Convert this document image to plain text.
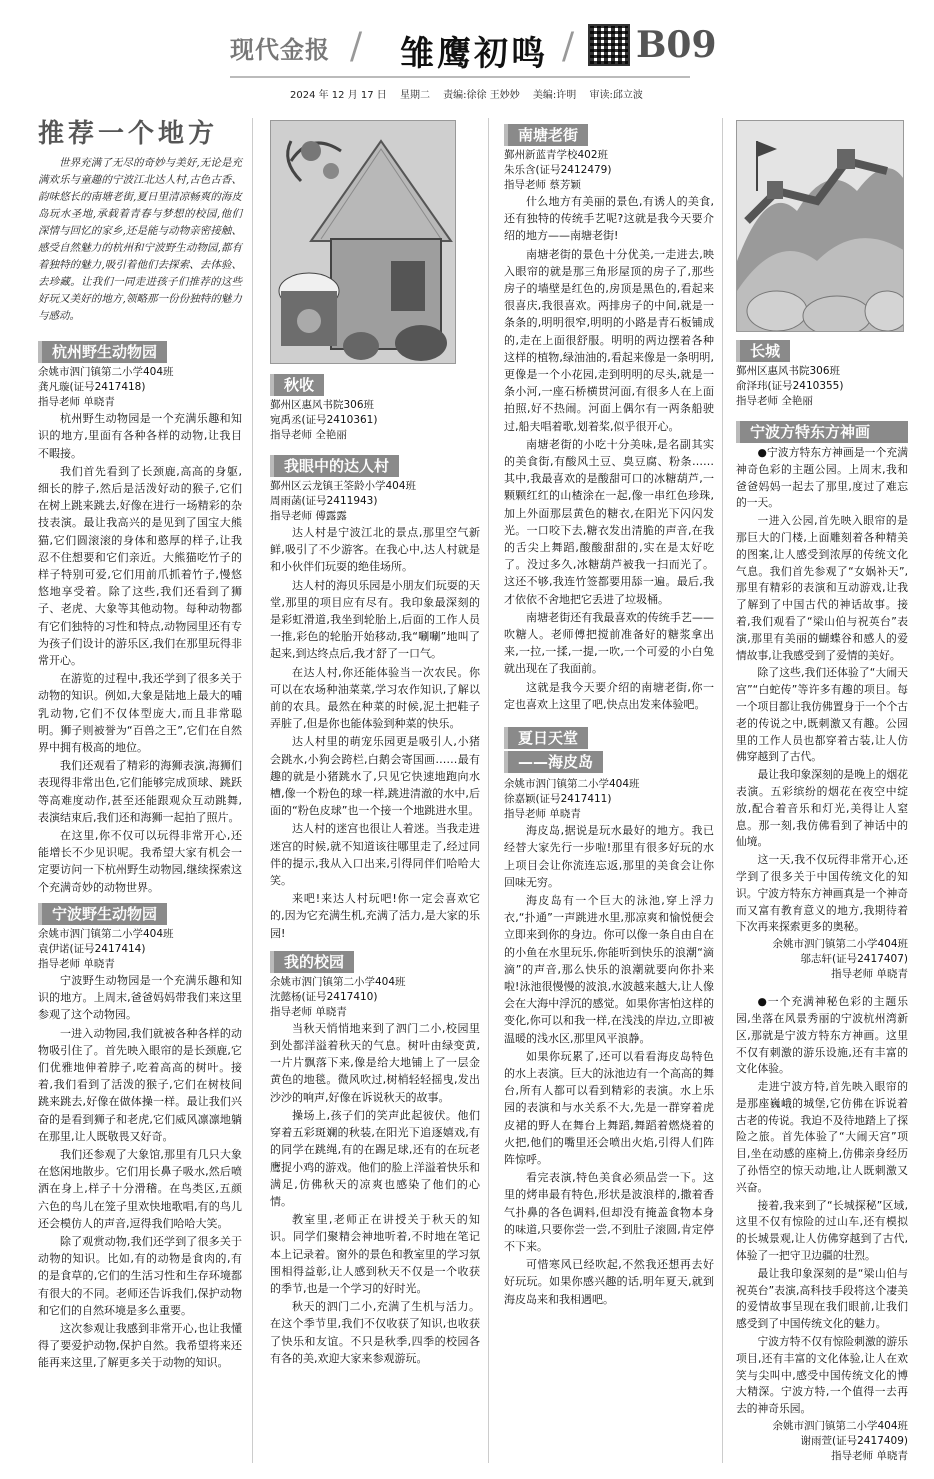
现代金报 / 雏鹰初鸣 / B09
2024 年 12 月 17 日 星期二 责编:徐徐 王妙妙 美编:许明 审读:邱立波
推荐一个地方
世界充满了无尽的奇妙与美好,无论是充满欢乐与童趣的宁波江北达人村,古色古香、韵味悠长的南塘老街,夏日里清凉畅爽的海皮岛玩水圣地,承载着青春与梦想的校园,他们深情与回忆的家乡,还是能与动物亲密接触、感受自然魅力的杭州和宁波野生动物园,都有着独特的魅力,吸引着他们去探索、去体验、去珍藏。让我们一同走进孩子们推荐的这些好玩又美好的地方,领略那一份份独特的魅力与感动。
杭州野生动物园
余姚市泗门镇第二小学404班
龚凡璇(证号2417418)
指导老师 单晓青

杭州野生动物园是一个充满乐趣和知识的地方,里面有各种各样的动物,让我目不暇接。

我们首先看到了长颈鹿,高高的身躯,细长的脖子,然后是活泼好动的猴子,它们在树上跳来跳去,好像在进行一场精彩的杂技表演。最让我高兴的是见到了国宝大熊猫,它们圆滚滚的身体和憨厚的样子,让我忍不住想要和它们亲近。大熊猫吃竹子的样子特别可爱,它们用前爪抓着竹子,慢悠悠地享受着。除了这些,我们还看到了狮子、老虎、大象等其他动物。每种动物都有它们独特的习性和特点,动物园里还有专为孩子们设计的游乐区,我们在那里玩得非常开心。

在游览的过程中,我还学到了很多关于动物的知识。例如,大象是陆地上最大的哺乳动物,它们不仅体型庞大,而且非常聪明。狮子则被誉为“百兽之王”,它们在自然界中拥有极高的地位。

我们还观看了精彩的海狮表演,海狮们表现得非常出色,它们能够完成顶球、跳跃等高难度动作,甚至还能跟观众互动跳舞,表演结束后,我们还和海狮一起拍了照片。

在这里,你不仅可以玩得非常开心,还能增长不少见识呢。我希望大家有机会一定要访问一下杭州野生动物园,继续探索这个充满奇妙的动物世界。

宁波野生动物园
余姚市泗门镇第二小学404班
袁伊诺(证号2417414)
指导老师 单晓青

宁波野生动物园是一个充满乐趣和知识的地方。上周末,爸爸妈妈带我们来这里参观了这个动物园。

一进入动物园,我们就被各种各样的动物吸引住了。首先映入眼帘的是长颈鹿,它们优雅地伸着脖子,吃着高高的树叶。接着,我们看到了活泼的猴子,它们在树枝间跳来跳去,好像在做体操一样。最让我们兴奋的是看到狮子和老虎,它们威风凛凛地躺在那里,让人既敬畏又好奇。

我们还参观了大象馆,那里有几只大象在悠闲地散步。它们用长鼻子吸水,然后喷洒在身上,样子十分滑稽。在鸟类区,五颜六色的鸟儿在笼子里欢快地歌唱,有的鸟儿还会模仿人的声音,逗得我们哈哈大笑。

除了观赏动物,我们还学到了很多关于动物的知识。比如,有的动物是食肉的,有的是食草的,它们的生活习性和生存环境都有很大的不同。老师还告诉我们,保护动物和它们的自然环境是多么重要。

这次参观让我感到非常开心,也让我懂得了要爱护动物,保护自然。我希望将来还能再来这里,了解更多关于动物的知识。

秋收
鄞州区惠风书院306班
宛禹丞(证号2410361)
指导老师 全艳丽
我眼中的达人村
鄞州区云龙镇王筌龄小学404班
周雨菡(证号2411943)
指导老师 傅露露

达人村是宁波江北的景点,那里空气新鲜,吸引了不少游客。在我心中,达人村就是和小伙伴们玩耍的绝佳场所。

达人村的海贝乐园是小朋友们玩耍的天堂,那里的项目应有尽有。我印象最深刻的是彩虹滑道,我坐到轮胎上,后面的工作人员一推,彩色的轮胎开始移动,我“唰唰”地叫了起来,到达终点后,我才舒了一口气。

在达人村,你还能体验当一次农民。你可以在农场种油菜菜,学习农作知识,了解以前的农具。最然在种菜的时候,泥土把鞋子弄脏了,但是你也能体验到种菜的快乐。

达人村里的萌宠乐园更是吸引人,小猪会跳水,小狗会跨栏,白鹅会寄国画……最有趣的就是小猪跳水了,只见它快速地跑向水槽,像一个粉色的球一样,跳进清澈的水中,后面的“粉色皮球”也一个接一个地跳进水里。

达人村的迷宫也很让人着迷。当我走进迷宫的时候,就不知道该往哪里走了,经过同伴的提示,我从入口出来,引得同伴们哈哈大笑。

来吧!来达人村玩吧!你一定会喜欢它的,因为它充满生机,充满了活力,是大家的乐园!

我的校园
余姚市泗门镇第二小学404班
沈懿杨(证号2417410)
指导老师 单晓青

当秋天悄悄地来到了泗门二小,校园里到处都洋溢着秋天的气息。树叶由绿变黄,一片片飘落下来,像是给大地铺上了一层金黄色的地毯。微风吹过,树梢轻轻摇曳,发出沙沙的响声,好像在诉说秋天的故事。

操场上,孩子们的笑声此起彼伏。他们穿着五彩斑斓的秋装,在阳光下追逐嬉戏,有的同学在跳绳,有的在踢足球,还有的在玩老鹰捉小鸡的游戏。他们的脸上洋溢着快乐和满足,仿佛秋天的凉爽也感染了他们的心情。

教室里,老师正在讲授关于秋天的知识。同学们聚精会神地听着,不时地在笔记本上记录着。窗外的景色和教室里的学习氛围相得益彰,让人感到秋天不仅是一个收获的季节,也是一个学习的好时光。

秋天的泗门二小,充满了生机与活力。在这个季节里,我们不仅收获了知识,也收获了快乐和友谊。不只是秋季,四季的校园各有各的美,欢迎大家来参观游玩。

南塘老街
鄞州新蓝青学校402班
朱乐含(证号2412479)
指导老师 蔡芳颖

什么地方有美丽的景色,有诱人的美食,还有独特的传统手艺呢?这就是我今天要介绍的地方——南塘老街!

南塘老街的景色十分优美,一走进去,映入眼帘的就是那三角形屋顶的房子了,那些房子的墙壁是红色的,房顶是黑色的,看起来很喜庆,我很喜欢。两排房子的中间,就是一条条的,明明很窄,明明的小路是青石板铺成的,走在上面很舒服。明明的两边摆着各种这样的植物,绿油油的,看起来像是一条明明,更像是一个小花园,走到明明的尽头,就是一条小河,一座石桥横贯河面,有很多人在上面拍照,好不热闹。河面上偶尔有一两条船驶过,船夫唱着歌,划着桨,似乎很开心。

南塘老街的小吃十分美味,是名副其实的美食街,有酸风土豆、臭豆腐、粉条……其中,我最喜欢的是酸甜可口的冰糖葫芦,一颗颗红红的山楂涂在一起,像一串红色珍珠,加上外面那层黄色的糖衣,在阳光下闪闪发光。一口咬下去,糖衣发出清脆的声音,在我的舌尖上舞蹈,酸酸甜甜的,实在是太好吃了。没过多久,冰糖葫芦被我一扫而光了。这还不够,我连竹签都要用舔一遍。最后,我才依依不舍地把它丢进了垃圾桶。

南塘老街还有我最喜欢的传统手艺——吹糖人。老师傅把搅前准备好的糖浆拿出来,一拉,一揉,一提,一吹,一个可爱的小白兔就出现在了我面前。

这就是我今天要介绍的南塘老街,你一定也喜欢上这里了吧,快点出发来体验吧。

夏日天堂
——海皮岛
余姚市泗门镇第二小学404班
徐嘉颖(证号2417411)
指导老师 单晓青

海皮岛,据说是玩水最好的地方。我已经替大家先行一步啦!那里有很多好玩的水上项目会让你流连忘返,那里的美食会让你回味无穷。

海皮岛有一个巨大的泳池,穿上浮力衣,“扑通”一声跳进水里,那凉爽和愉悦便会立即来到你的身边。你可以像一条自由自在的小鱼在水里玩乐,你能听到快乐的浪潮“滴滴”的声音,那么快乐的浪潮就要向你扑来啦!泳池很慢慢的波浪,水波越来越大,让人像会在大海中浮沉的感觉。如果你害怕这样的变化,你可以和我一样,在浅浅的岸边,立即被温暖的浅水区,那里风平浪静。

如果你玩累了,还可以看看海皮岛特色的水上表演。巨大的泳池边有一个高高的舞台,所有人都可以看到精彩的表演。水上乐园的表演和与水关系不大,先是一群穿着虎皮裙的野人在舞台上舞蹈,舞蹈着燃烧着的火把,他们的嘴里还会喷出火焰,引得人们阵阵惊呼。

看完表演,特色美食必须品尝一下。这里的烤串最有特色,形状是波浪样的,撒着香气扑鼻的各色调料,但却没有掩盖食物本身的味道,只要你尝一尝,不到肚子滚圆,肯定停不下来。

可惜寒风已经吹起,不然我还想再去好好玩玩。如果你感兴趣的话,明年夏天,就到海皮岛来和我相遇吧。

长城
鄞州区惠风书院306班
俞泽玮(证号2410355)
指导老师 全艳丽
宁波方特东方神画

●宁波方特东方神画是一个充满神奇色彩的主题公园。上周末,我和爸爸妈妈一起去了那里,度过了难忘的一天。

一进入公园,首先映入眼帘的是那巨大的门楼,上面雕刻着各种精美的图案,让人感受到浓厚的传统文化气息。我们首先参观了“女娲补天”,那里有精彩的表演和互动游戏,让我了解到了中国古代的神话故事。接着,我们观看了“梁山伯与祝英台”表演,那里有美丽的蝴蝶谷和感人的爱情故事,让我感受到了爱情的美好。

除了这些,我们还体验了“大闹天宫”“白蛇传”等许多有趣的项目。每一个项目都让我仿佛置身于一个个古老的传说之中,既刺激又有趣。公园里的工作人员也都穿着古装,让人仿佛穿越到了古代。

最让我印象深刻的是晚上的烟花表演。五彩缤纷的烟花在夜空中绽放,配合着音乐和灯光,美得让人窒息。那一刻,我仿佛看到了神话中的仙境。

这一天,我不仅玩得非常开心,还学到了很多关于中国传统文化的知识。宁波方特东方神画真是一个神奇而又富有教育意义的地方,我期待着下次再来探索更多的奥秘。

余姚市泗门镇第二小学404班
邬志轩(证号2417407)
指导老师 单晓青

●一个充满神秘色彩的主题乐园,坐落在风景秀丽的宁波杭州湾新区,那就是宁波方特东方神画。这里不仅有刺激的游乐设施,还有丰富的文化体验。

走进宁波方特,首先映入眼帘的是那座巍峨的城堡,它仿佛在诉说着古老的传说。我迫不及待地踏上了探险之旅。首先体验了“大闹天宫”项目,坐在动感的座椅上,仿佛亲身经历了孙悟空的惊天动地,让人既刺激又兴奋。

接着,我来到了“长城探秘”区域,这里不仅有惊险的过山车,还有模拟的长城景观,让人仿佛穿越到了古代,体验了一把守卫边疆的壮烈。

最让我印象深刻的是“梁山伯与祝英台”表演,高科技手段将这个凄美的爱情故事呈现在我们眼前,让我们感受到了中国传统文化的魅力。

宁波方特不仅有惊险刺激的游乐项目,还有丰富的文化体验,让人在欢笑与尖叫中,感受中国传统文化的博大精深。宁波方特,一个值得一去再去的神奇乐园。

余姚市泗门镇第二小学404班
谢雨萱(证号2417409)
指导老师 单晓青
